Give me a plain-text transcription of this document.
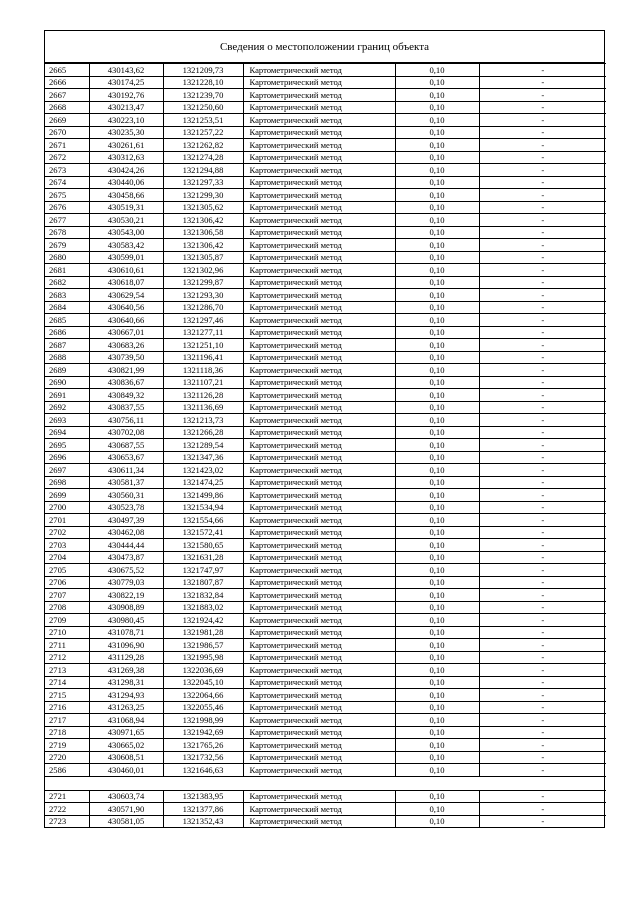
Сведения о местоположении границ объекта
2665	430143,62	1321209,73	Картометрический метод	0,10	-
2666	430174,25	1321228,10	Картометрический метод	0,10	-
2667	430192,76	1321239,70	Картометрический метод	0,10	-
2668	430213,47	1321250,60	Картометрический метод	0,10	-
2669	430223,10	1321253,51	Картометрический метод	0,10	-
2670	430235,30	1321257,22	Картометрический метод	0,10	-
2671	430261,61	1321262,82	Картометрический метод	0,10	-
2672	430312,63	1321274,28	Картометрический метод	0,10	-
2673	430424,26	1321294,88	Картометрический метод	0,10	-
2674	430440,06	1321297,33	Картометрический метод	0,10	-
2675	430458,66	1321299,30	Картометрический метод	0,10	-
2676	430519,31	1321305,62	Картометрический метод	0,10	-
2677	430530,21	1321306,42	Картометрический метод	0,10	-
2678	430543,00	1321306,58	Картометрический метод	0,10	-
2679	430583,42	1321306,42	Картометрический метод	0,10	-
2680	430599,01	1321305,87	Картометрический метод	0,10	-
2681	430610,61	1321302,96	Картометрический метод	0,10	-
2682	430618,07	1321299,87	Картометрический метод	0,10	-
2683	430629,54	1321293,30	Картометрический метод	0,10	-
2684	430640,56	1321286,70	Картометрический метод	0,10	-
2685	430640,66	1321297,46	Картометрический метод	0,10	-
2686	430667,01	1321277,11	Картометрический метод	0,10	-
2687	430683,26	1321251,10	Картометрический метод	0,10	-
2688	430739,50	1321196,41	Картометрический метод	0,10	-
2689	430821,99	1321118,36	Картометрический метод	0,10	-
2690	430836,67	1321107,21	Картометрический метод	0,10	-
2691	430849,32	1321126,28	Картометрический метод	0,10	-
2692	430837,55	1321136,69	Картометрический метод	0,10	-
2693	430756,11	1321213,73	Картометрический метод	0,10	-
2694	430702,08	1321266,28	Картометрический метод	0,10	-
2695	430687,55	1321289,54	Картометрический метод	0,10	-
2696	430653,67	1321347,36	Картометрический метод	0,10	-
2697	430611,34	1321423,02	Картометрический метод	0,10	-
2698	430581,37	1321474,25	Картометрический метод	0,10	-
2699	430560,31	1321499,86	Картометрический метод	0,10	-
2700	430523,78	1321534,94	Картометрический метод	0,10	-
2701	430497,39	1321554,66	Картометрический метод	0,10	-
2702	430462,08	1321572,41	Картометрический метод	0,10	-
2703	430444,44	1321580,65	Картометрический метод	0,10	-
2704	430473,87	1321631,28	Картометрический метод	0,10	-
2705	430675,52	1321747,97	Картометрический метод	0,10	-
2706	430779,03	1321807,87	Картометрический метод	0,10	-
2707	430822,19	1321832,84	Картометрический метод	0,10	-
2708	430908,89	1321883,02	Картометрический метод	0,10	-
2709	430980,45	1321924,42	Картометрический метод	0,10	-
2710	431078,71	1321981,28	Картометрический метод	0,10	-
2711	431096,90	1321986,57	Картометрический метод	0,10	-
2712	431129,28	1321995,98	Картометрический метод	0,10	-
2713	431269,38	1322036,69	Картометрический метод	0,10	-
2714	431298,31	1322045,10	Картометрический метод	0,10	-
2715	431294,93	1322064,66	Картометрический метод	0,10	-
2716	431263,25	1322055,46	Картометрический метод	0,10	-
2717	431068,94	1321998,99	Картометрический метод	0,10	-
2718	430971,65	1321942,69	Картометрический метод	0,10	-
2719	430665,02	1321765,26	Картометрический метод	0,10	-
2720	430608,51	1321732,56	Картометрический метод	0,10	-
2586	430460,01	1321646,63	Картометрический метод	0,10	-

2721	430603,74	1321383,95	Картометрический метод	0,10	-
2722	430571,90	1321377,86	Картометрический метод	0,10	-
2723	430581,05	1321352,43	Картометрический метод	0,10	-
